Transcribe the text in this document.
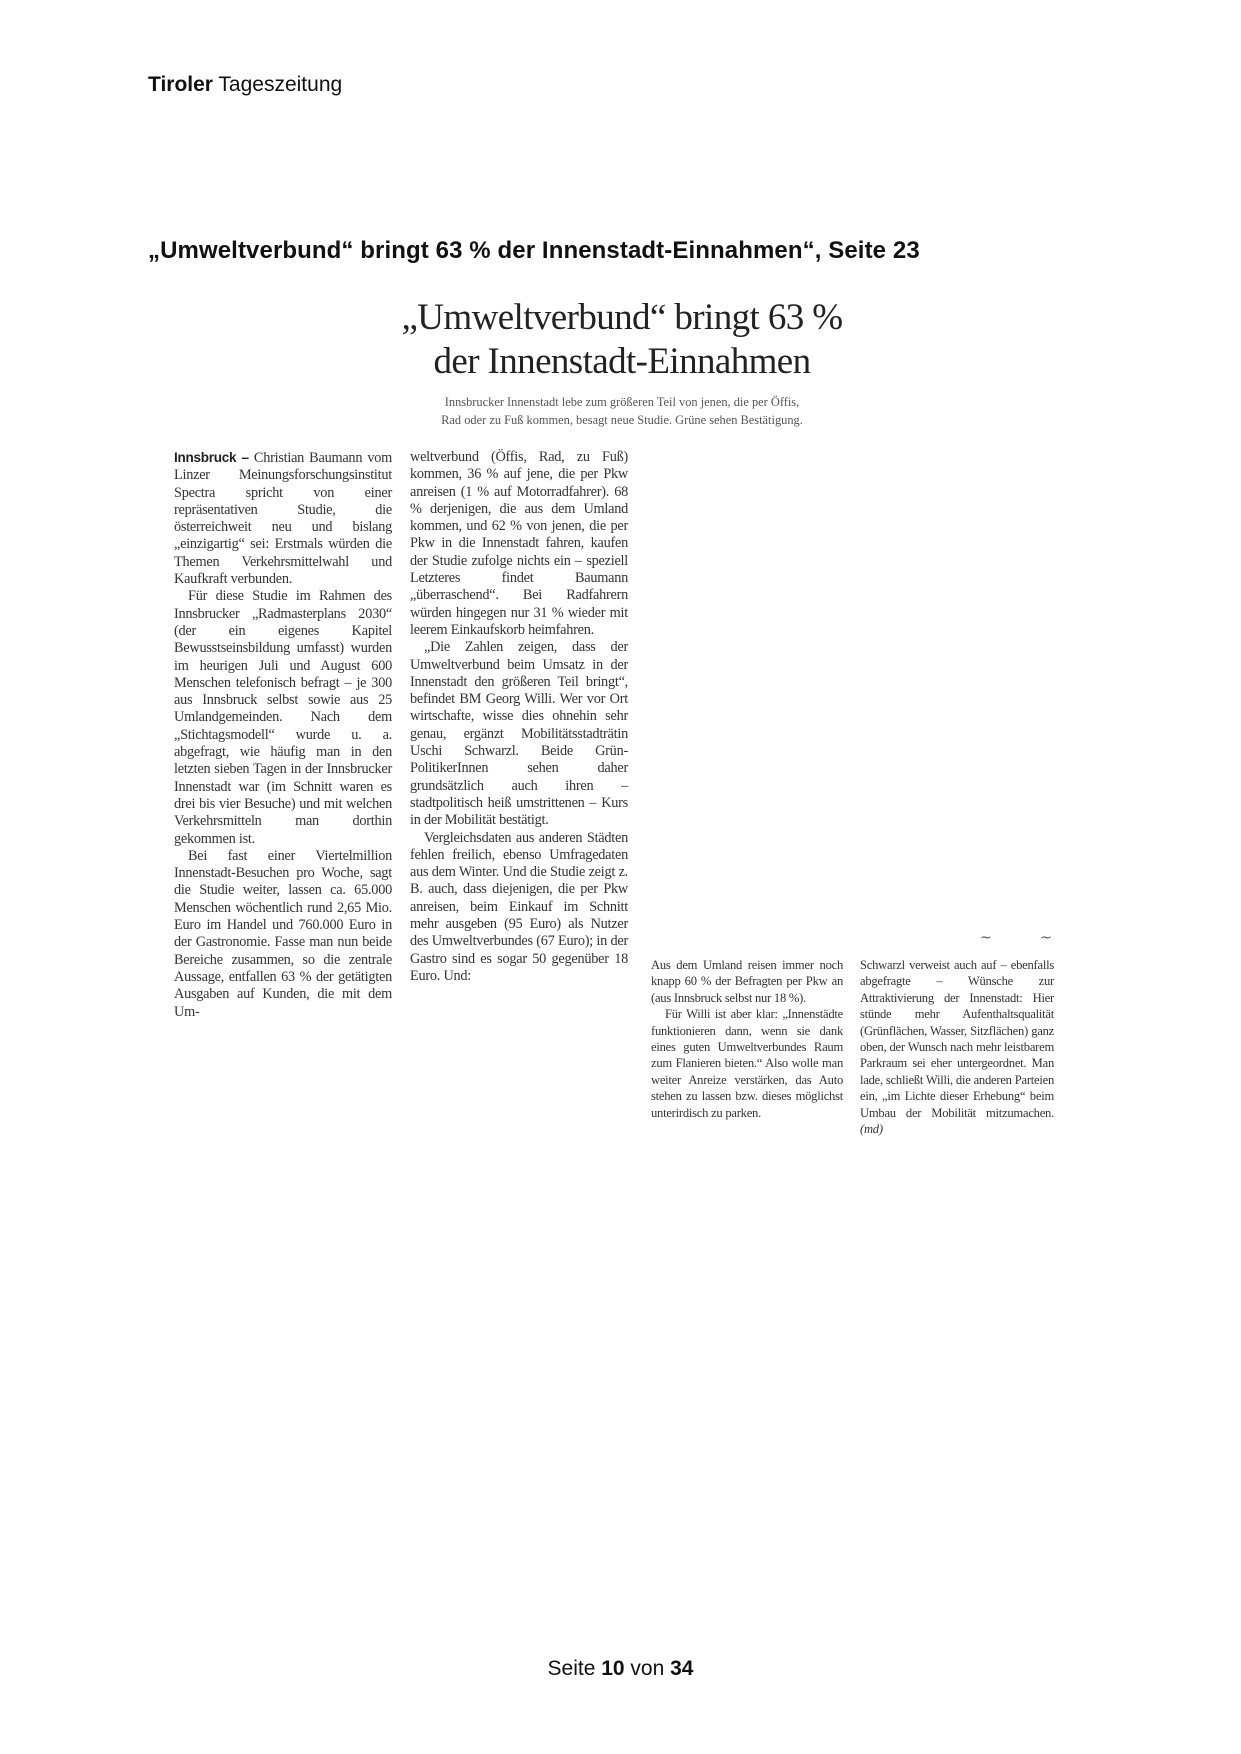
Tiroler Tageszeitung
„Umweltverbund“ bringt 63 % der Innenstadt-Einnahmen“, Seite 23
„Umweltverbund“ bringt 63 %
der Innenstadt-Einnahmen
Innsbrucker Innenstadt lebe zum größeren Teil von jenen, die per Öffis,
Rad oder zu Fuß kommen, besagt neue Studie. Grüne sehen Bestätigung.

Innsbruck – Christian Baumann vom Linzer Meinungsforschungsinstitut Spectra spricht von einer repräsentativen Studie, die österreichweit neu und bislang „einzigartig“ sei: Erstmals würden die Themen Verkehrsmittelwahl und Kaufkraft verbunden.

Für diese Studie im Rahmen des Innsbrucker „Radmasterplans 2030“ (der ein eigenes Kapitel Bewusstseinsbildung umfasst) wurden im heurigen Juli und August 600 Menschen telefonisch befragt – je 300 aus Innsbruck selbst sowie aus 25 Umlandgemeinden. Nach dem „Stichtagsmodell“ wurde u. a. abgefragt, wie häufig man in den letzten sieben Tagen in der Innsbrucker Innenstadt war (im Schnitt waren es drei bis vier Besuche) und mit welchen Verkehrsmitteln man dorthin gekommen ist.

Bei fast einer Viertelmillion Innenstadt-Besuchen pro Woche, sagt die Studie weiter, lassen ca. 65.000 Menschen wöchentlich rund 2,65 Mio. Euro im Handel und 760.000 Euro in der Gastronomie. Fasse man nun beide Bereiche zusammen, so die zentrale Aussage, entfallen 63 % der getätigten Ausgaben auf Kunden, die mit dem Um-

weltverbund (Öffis, Rad, zu Fuß) kommen, 36 % auf jene, die per Pkw anreisen (1 % auf Motorradfahrer). 68 % derjenigen, die aus dem Umland kommen, und 62 % von jenen, die per Pkw in die Innenstadt fahren, kaufen der Studie zufolge nichts ein – speziell Letzteres findet Baumann „überraschend“. Bei Radfahrern würden hingegen nur 31 % wieder mit leerem Einkaufskorb heimfahren.

„Die Zahlen zeigen, dass der Umweltverbund beim Umsatz in der Innenstadt den größeren Teil bringt“, befindet BM Georg Willi. Wer vor Ort wirtschafte, wisse dies ohnehin sehr genau, ergänzt Mobilitätsstadträtin Uschi Schwarzl. Beide Grün-PolitikerInnen sehen daher grundsätzlich auch ihren – stadtpolitisch heiß umstrittenen – Kurs in der Mobilität bestätigt.

Vergleichsdaten aus anderen Städten fehlen freilich, ebenso Umfragedaten aus dem Winter. Und die Studie zeigt z. B. auch, dass diejenigen, die per Pkw anreisen, beim Einkauf im Schnitt mehr ausgeben (95 Euro) als Nutzer des Umweltverbundes (67 Euro); in der Gastro sind es sogar 50 gegenüber 18 Euro. Und:

~ ~

Aus dem Umland reisen immer noch knapp 60 % der Befragten per Pkw an (aus Innsbruck selbst nur 18 %).

Für Willi ist aber klar: „Innenstädte funktionieren dann, wenn sie dank eines guten Umweltverbundes Raum zum Flanieren bieten.“ Also wolle man weiter Anreize verstärken, das Auto stehen zu lassen bzw. dieses möglichst unterirdisch zu parken.

Schwarzl verweist auch auf – ebenfalls abgefragte – Wünsche zur Attraktivierung der Innenstadt: Hier stünde mehr Aufenthaltsqualität (Grünflächen, Wasser, Sitzflächen) ganz oben, der Wunsch nach mehr leistbarem Parkraum sei eher untergeordnet. Man lade, schließt Willi, die anderen Parteien ein, „im Lichte dieser Erhebung“ beim Umbau der Mobilität mitzumachen. (md)

Seite 10 von 34
